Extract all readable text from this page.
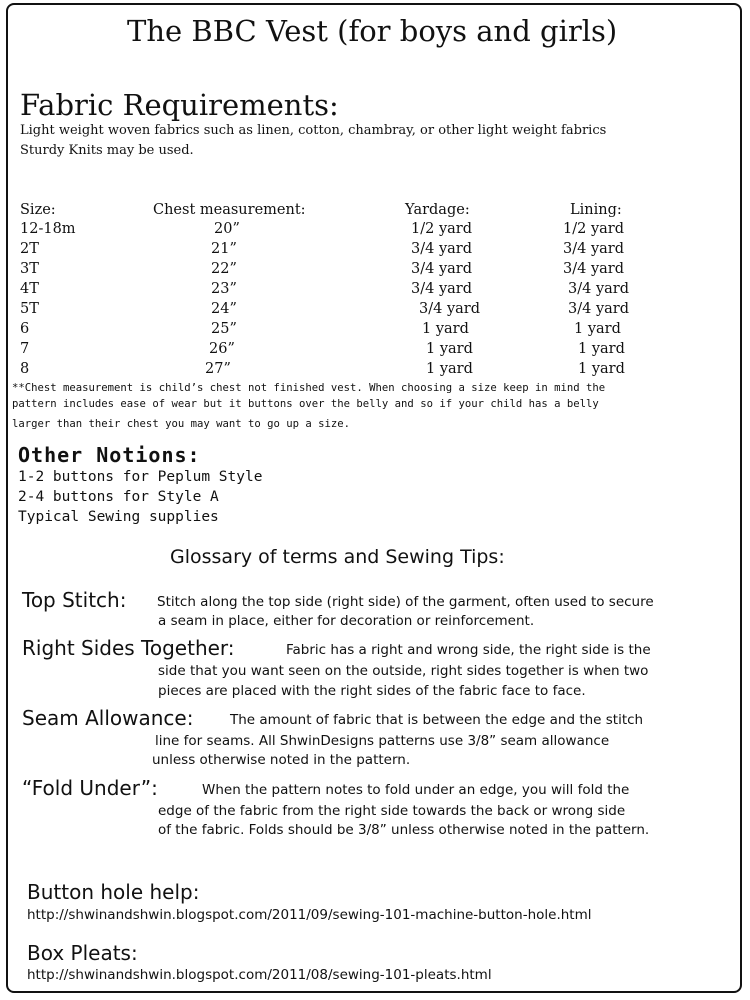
The BBC Vest (for boys and girls)
Fabric Requirements:
Light weight woven fabrics such as linen, cotton, chambray, or other light weight fabrics
Sturdy Knits may be used.
Size:	Chest measurement:	Yardage:	Lining:
12-18m	20”	1/2 yard	1/2 yard
2T	21”	3/4 yard	3/4 yard
3T	22”	3/4 yard	3/4 yard
4T	23”	3/4 yard	3/4 yard
5T	24”	3/4 yard	3/4 yard
6	25”	1 yard	1 yard
7	26”	1 yard	1 yard
8	27”	1 yard	1 yard
**Chest measurement is child’s chest not finished vest. When choosing a size keep in mind the
pattern includes ease of wear but it buttons over the belly and so if your child has a belly
larger than their chest you may want to go up a size.
Other Notions:
1-2 buttons for Peplum Style
2-4 buttons for Style A
Typical Sewing supplies
Glossary of terms and Sewing Tips:
Top Stitch: Stitch along the top side (right side) of the garment, often used to secure
a seam in place, either for decoration or reinforcement.
Right Sides Together:	Fabric has a right and wrong side, the right side is the
side that you want seen on the outside, right sides together is when two
pieces are placed with the right sides of the fabric face to face.
Seam Allowance:	The amount of fabric that is between the edge and the stitch
line for seams. All ShwinDesigns patterns use 3/8” seam allowance
unless otherwise noted in the pattern.
“Fold Under”:	When the pattern notes to fold under an edge, you will fold the
edge of the fabric from the right side towards the back or wrong side
of the fabric. Folds should be 3/8” unless otherwise noted in the pattern.
Button hole help:
http://shwinandshwin.blogspot.com/2011/09/sewing-101-machine-button-hole.html
Box Pleats:
http://shwinandshwin.blogspot.com/2011/08/sewing-101-pleats.html
